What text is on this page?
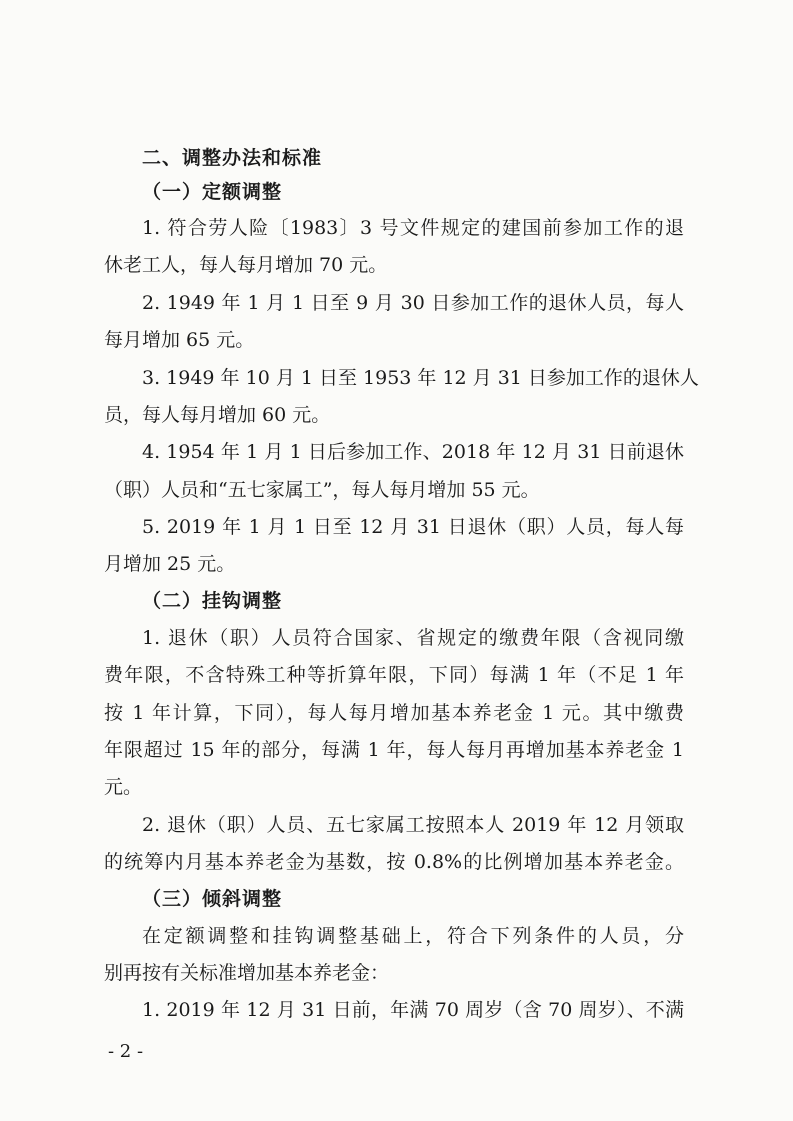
二、调整办法和标准
（一）定额调整
1. 符合劳人险〔1983〕3 号文件规定的建国前参加工作的退
休老工人，每人每月增加 70 元。
2. 1949 年 1 月 1 日至 9 月 30 日参加工作的退休人员，每人
每月增加 65 元。
3. 1949 年 10 月 1 日至 1953 年 12 月 31 日参加工作的退休人
员，每人每月增加 60 元。
4. 1954 年 1 月 1 日后参加工作、2018 年 12 月 31 日前退休
（职）人员和“五七家属工”，每人每月增加 55 元。
5. 2019 年 1 月 1 日至 12 月 31 日退休（职）人员，每人每
月增加 25 元。
（二）挂钩调整
1. 退休（职）人员符合国家、省规定的缴费年限（含视同缴
费年限，不含特殊工种等折算年限，下同）每满 1 年（不足 1 年
按 1 年计算，下同），每人每月增加基本养老金 1 元。其中缴费
年限超过 15 年的部分，每满 1 年，每人每月再增加基本养老金 1
元。
2. 退休（职）人员、五七家属工按照本人 2019 年 12 月领取
的统筹内月基本养老金为基数，按 0.8%的比例增加基本养老金。
（三）倾斜调整
在定额调整和挂钩调整基础上，符合下列条件的人员，分
别再按有关标准增加基本养老金：
1. 2019 年 12 月 31 日前，年满 70 周岁（含 70 周岁）、不满
- 2 -
